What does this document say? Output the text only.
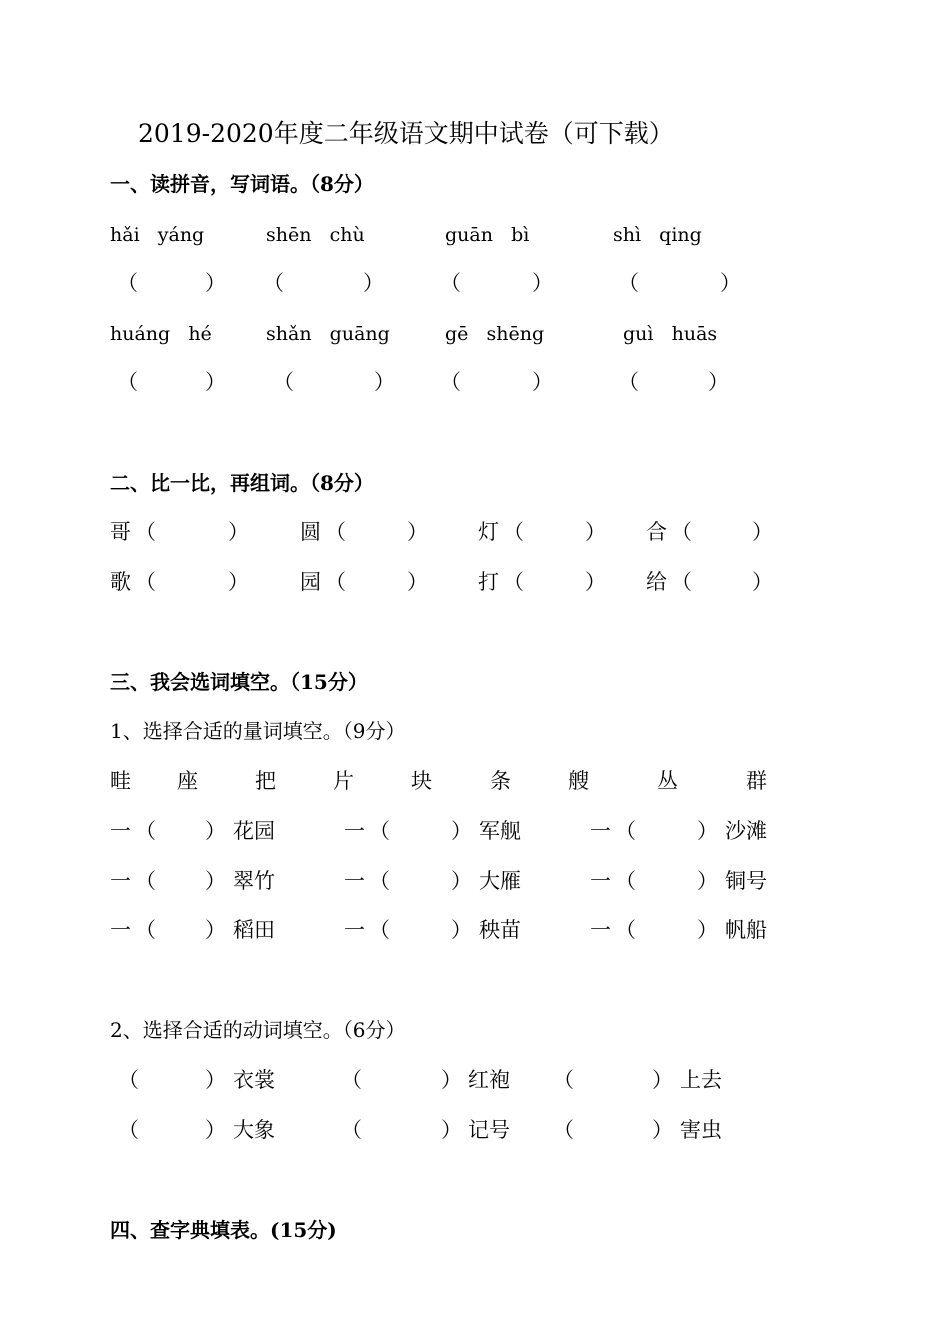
2019-2020年度二年级语文期中试卷（可下载）
一、读拼音，写词语。（8分）
hǎi   yáng	shēn   chù	guān   bì	shì   qing
（	） （	）	（	）	（	）
huáng   hé	shǎn   guāng	gē   shēng	guì   huās
（	） （	） （	）	（	）
二、比一比，再组词。（8分）
哥 （	） 圆 （	） 灯 （	） 合 （	）
歌 （	） 园 （	） 打 （	） 给 （	）
三、我会选词填空。（15分）
1、选择合适的量词填空。（9分）
畦 座	把	片	块	条	艘	丛	群
一 （ ） 花园	一 （	） 军舰	一 （	） 沙滩
一 （ ） 翠竹	一 （	） 大雁	一 （	） 铜号
一 （ ） 稻田	一 （	） 秧苗	一 （	） 帆船
2、选择合适的动词填空。（6分）
（	） 衣裳	（	） 红袍 （	） 上去
（	） 大象	（	） 记号 （	） 害虫
四、查字典填表。(15分)
